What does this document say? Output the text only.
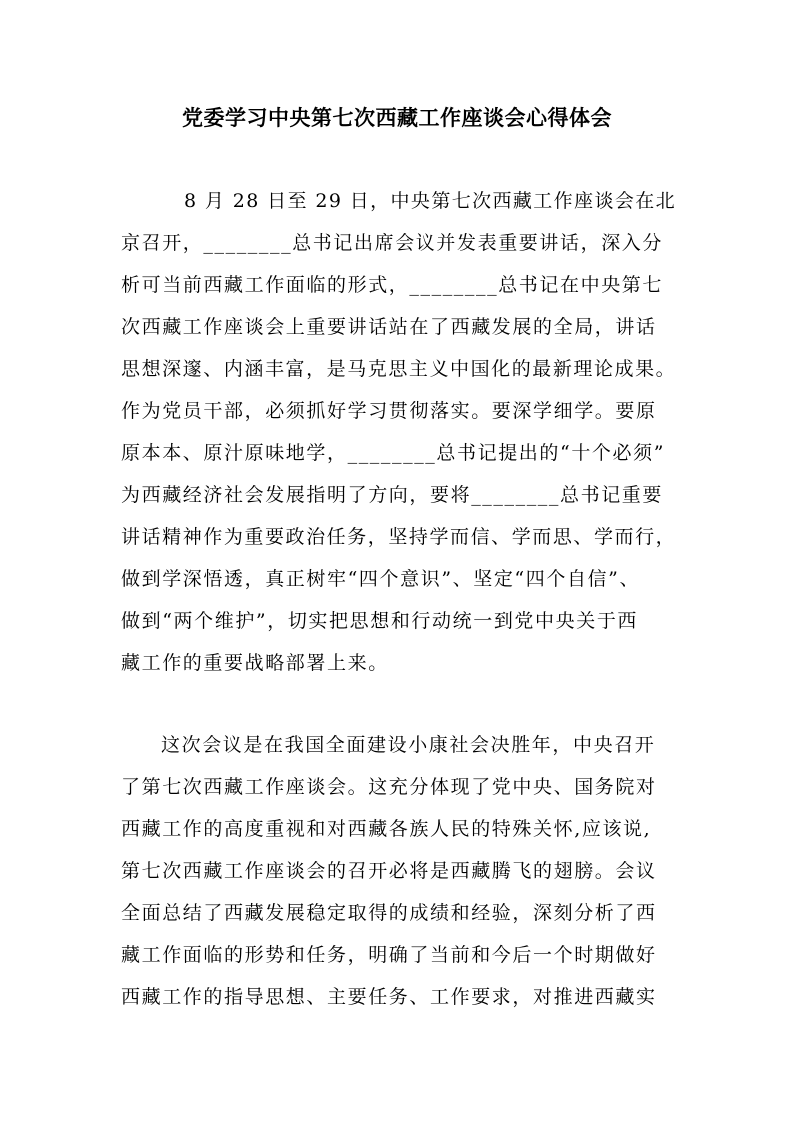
党委学习中央第七次西藏工作座谈会心得体会
8 月 28 日至 29 日，中央第七次西藏工作座谈会在北
京召开，________总书记出席会议并发表重要讲话，深入分
析可当前西藏工作面临的形式，________总书记在中央第七
次西藏工作座谈会上重要讲话站在了西藏发展的全局，讲话
思想深邃、内涵丰富，是马克思主义中国化的最新理论成果。
作为党员干部，必须抓好学习贯彻落实。要深学细学。要原
原本本、原汁原味地学，________总书记提出的“十个必须”
为西藏经济社会发展指明了方向，要将________总书记重要
讲话精神作为重要政治任务，坚持学而信、学而思、学而行，
做到学深悟透，真正树牢“四个意识”、坚定“四个自信”、
做到“两个维护”，切实把思想和行动统一到党中央关于西
藏工作的重要战略部署上来。
这次会议是在我国全面建设小康社会决胜年，中央召开
了第七次西藏工作座谈会。这充分体现了党中央、国务院对
西藏工作的高度重视和对西藏各族人民的特殊关怀,应该说,
第七次西藏工作座谈会的召开必将是西藏腾飞的翅膀。会议
全面总结了西藏发展稳定取得的成绩和经验，深刻分析了西
藏工作面临的形势和任务，明确了当前和今后一个时期做好
西藏工作的指导思想、主要任务、工作要求，对推进西藏实
